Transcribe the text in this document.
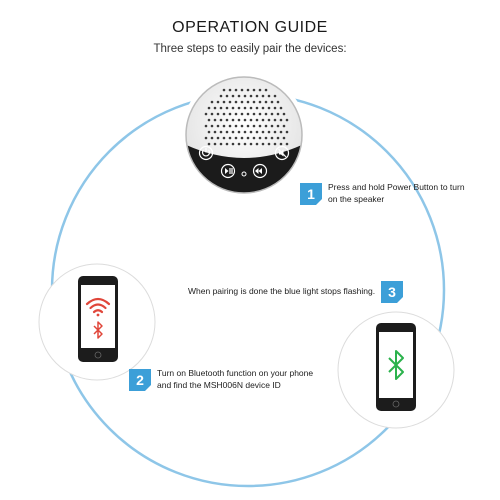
OPERATION GUIDE
Three steps to easily pair the devices:
1 Press and hold Power Button to turn
on the speaker
3
When pairing is done the blue light stops flashing.
2 Turn on Bluetooth function on your phone
and find the MSH006N device ID
